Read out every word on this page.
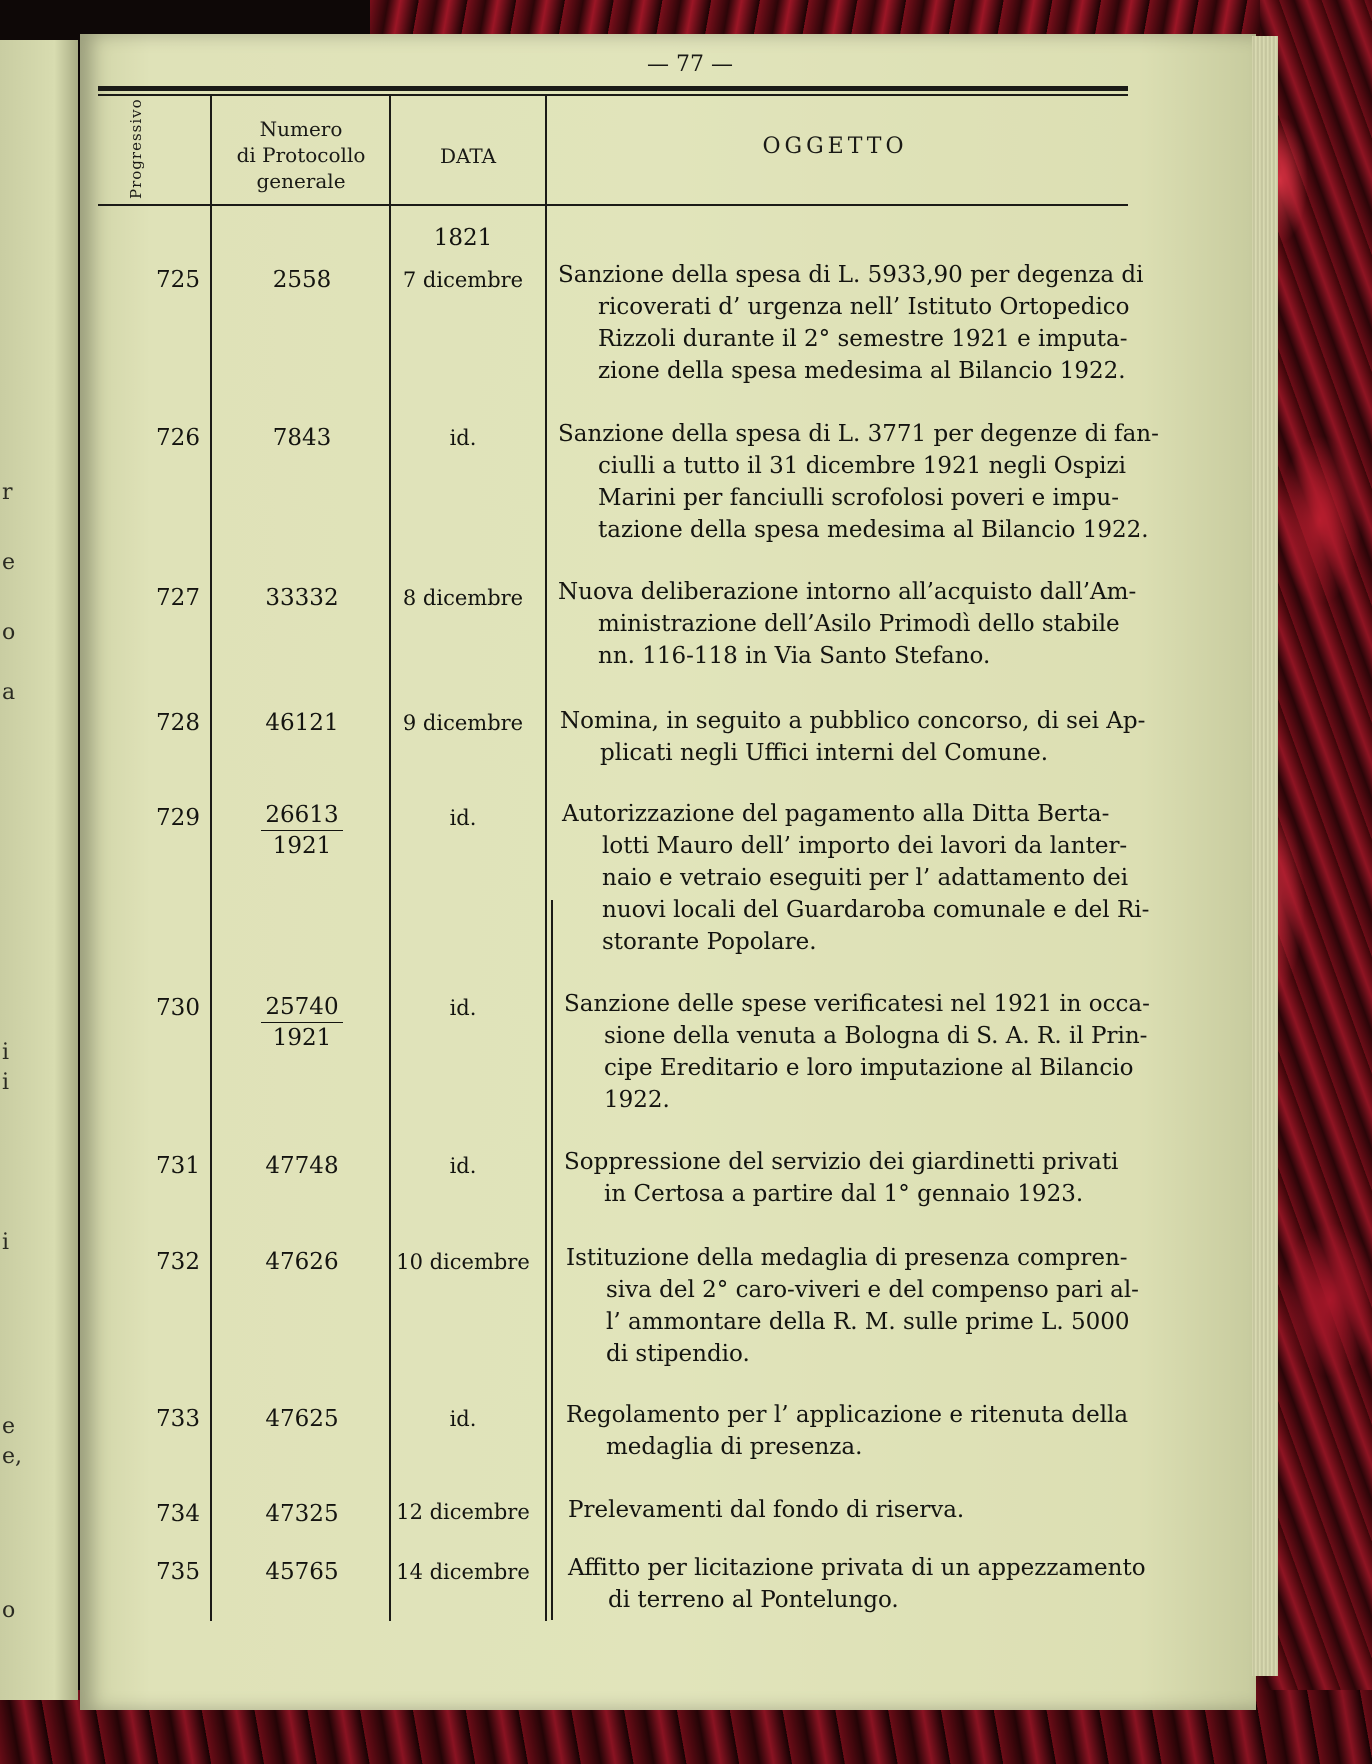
r
e
o
a
i
i
i
e
e,
o
— 77 —
Progressivo	Numero
di Protocollo
generale
DATA	OGGETTO
1821
725	2558	7 dicembre	Sanzione della spesa di L. 5933,90 per degenza di
ricoverati d’ urgenza nell’ Istituto Ortopedico
Rizzoli durante il 2° semestre 1921 e imputa-
zione della spesa medesima al Bilancio 1922.
726	7843	id.	Sanzione della spesa di L. 3771 per degenze di fan-
ciulli a tutto il 31 dicembre 1921 negli Ospizi
Marini per fanciulli scrofolosi poveri e impu-
tazione della spesa medesima al Bilancio 1922.
727	33332	8 dicembre	Nuova deliberazione intorno all’acquisto dall’Am-
ministrazione dell’Asilo Primodì dello stabile
nn. 116-118 in Via Santo Stefano.
728	46121	9 dicembre	Nomina, in seguito a pubblico concorso, di sei Ap-
plicati negli Uffici interni del Comune.
729	$\frac{26613}{1921}$	id.	Autorizzazione del pagamento alla Ditta Berta-
lotti Mauro dell’ importo dei lavori da lanter-
naio e vetraio eseguiti per l’ adattamento dei
nuovi locali del Guardaroba comunale e del Ri-
storante Popolare.
730	$\frac{25740}{1921}$	id.	Sanzione delle spese verificatesi nel 1921 in occa-
sione della venuta a Bologna di S. A. R. il Prin-
cipe Ereditario e loro imputazione al Bilancio
1922.
731	47748	id.	Soppressione del servizio dei giardinetti privati
in Certosa a partire dal 1° gennaio 1923.
732	47626	10 dicembre	Istituzione della medaglia di presenza compren-
siva del 2° caro-viveri e del compenso pari al-
l’ ammontare della R. M. sulle prime L. 5000
di stipendio.
733	47625	id.	Regolamento per l’ applicazione e ritenuta della
medaglia di presenza.
734	47325	12 dicembre	Prelevamenti dal fondo di riserva.
735	45765	14 dicembre	Affitto per licitazione privata di un appezzamento
di terreno al Pontelungo.
